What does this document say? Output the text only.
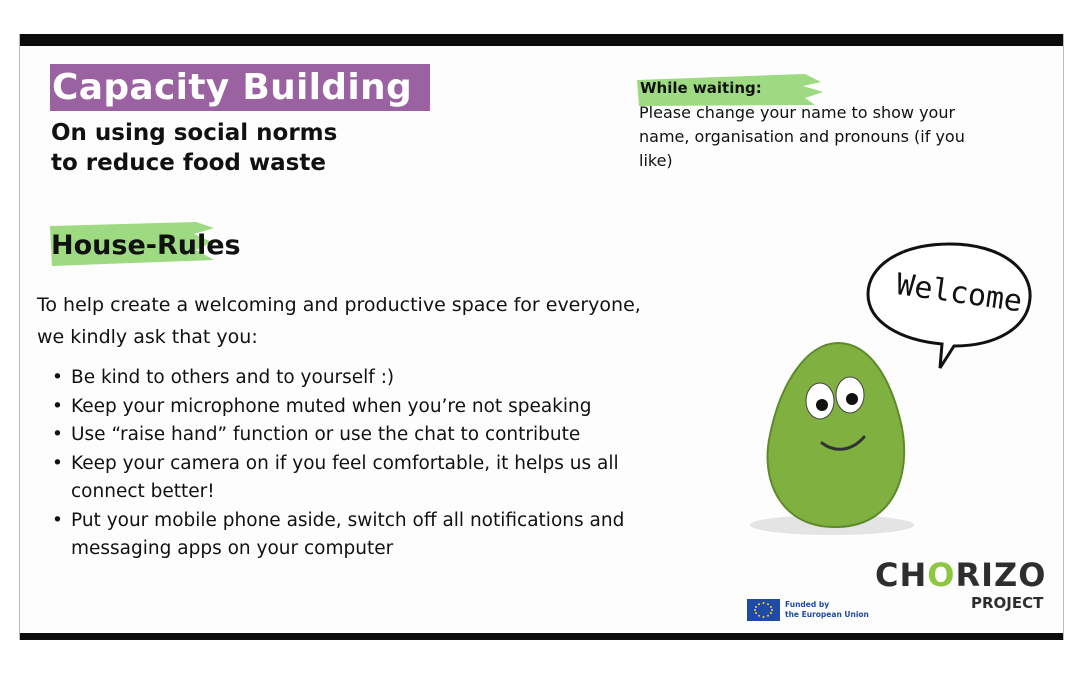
Capacity Building
On using social norms
to reduce food waste
While waiting:
Please change your name to show your name, organisation and pronouns (if you like)
House-Rules
To help create a welcoming and productive space for everyone, we kindly ask that you:
• Be kind to others and to yourself :)
• Keep your microphone muted when you’re not speaking
• Use “raise hand” function or use the chat to contribute
• Keep your camera on if you feel comfortable, it helps us all connect better!
• Put your mobile phone aside, switch off all notifications and messaging apps on your computer
Welcome
CHORIZO
PROJECT
Funded by
the European Union
